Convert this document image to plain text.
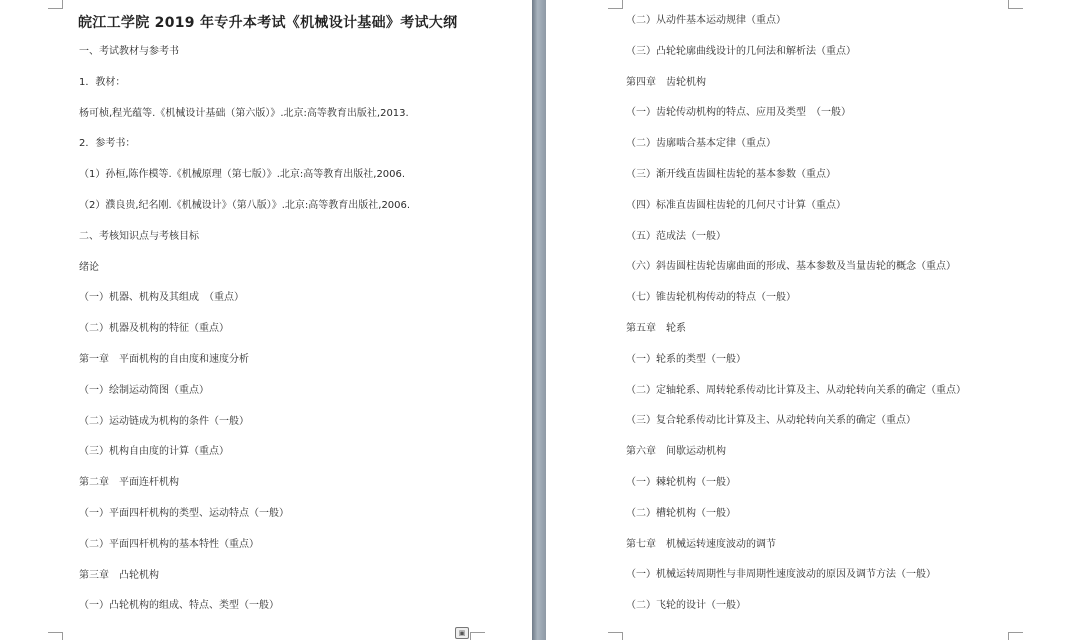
皖江工学院 2019 年专升本考试《机械设计基础》考试大纲
一、考试教材与参考书
1．教材：
杨可桢,程光蕴等.《机械设计基础（第六版）》.北京:高等教育出版社,2013.
2．参考书：
（1）孙桓,陈作模等.《机械原理（第七版）》.北京:高等教育出版社,2006.
（2）濮良贵,纪名刚.《机械设计》（第八版）》.北京:高等教育出版社,2006.
二、考核知识点与考核目标
绪论
（一）机器、机构及其组成　（重点）
（二）机器及机构的特征（重点）
第一章　平面机构的自由度和速度分析
（一）绘制运动简图（重点）
（二）运动链成为机构的条件（一般）
（三）机构自由度的计算（重点）
第二章　平面连杆机构
（一）平面四杆机构的类型、运动特点（一般）
（二）平面四杆机构的基本特性（重点）
第三章　凸轮机构
（一）凸轮机构的组成、特点、类型（一般）
▣
（二）从动件基本运动规律（重点）
（三）凸轮轮廓曲线设计的几何法和解析法（重点）
第四章　齿轮机构
（一）齿轮传动机构的特点、应用及类型　（一般）
（二）齿廓啮合基本定律（重点）
（三）渐开线直齿圆柱齿轮的基本参数（重点）
（四）标准直齿圆柱齿轮的几何尺寸计算（重点）
（五）范成法（一般）
（六）斜齿圆柱齿轮齿廓曲面的形成、基本参数及当量齿轮的概念（重点）
（七）锥齿轮机构传动的特点（一般）
第五章　轮系
（一）轮系的类型（一般）
（二）定轴轮系、周转轮系传动比计算及主、从动轮转向关系的确定（重点）
（三）复合轮系传动比计算及主、从动轮转向关系的确定（重点）
第六章　间歇运动机构
（一）棘轮机构（一般）
（二）槽轮机构（一般）
第七章　机械运转速度波动的调节
（一）机械运转周期性与非周期性速度波动的原因及调节方法（一般）
（二）飞轮的设计（一般）
